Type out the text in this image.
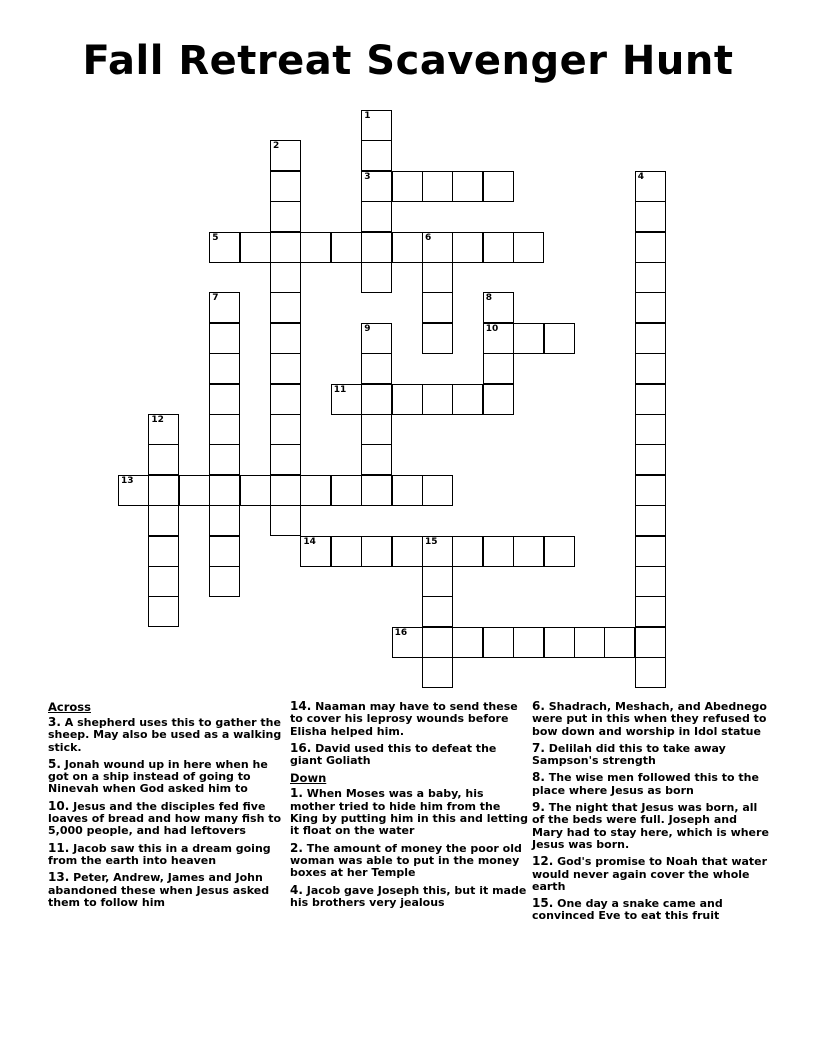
Fall Retreat Scavenger Hunt
1
3
2
4
5	6
7	8
10
9
11
12
13
14	15
16
Across
3. A shepherd uses this to gather the sheep. May also be used as a walking stick.
5. Jonah wound up in here when he got on a ship instead of going to Ninevah when God asked him to
10. Jesus and the disciples fed five loaves of bread and how many fish to 5,000 people, and had leftovers
11. Jacob saw this in a dream going from the earth into heaven
13. Peter, Andrew, James and John abandoned these when Jesus asked them to follow him
14. Naaman may have to send these to cover his leprosy wounds before Elisha helped him.
16. David used this to defeat the giant Goliath
Down
1. When Moses was a baby, his mother tried to hide him from the King by putting him in this and letting it float on the water
2. The amount of money the poor old woman was able to put in the money boxes at her Temple
4. Jacob gave Joseph this, but it made his brothers very jealous
6. Shadrach, Meshach, and Abednego were put in this when they refused to bow down and worship in Idol statue
7. Delilah did this to take away Sampson's strength
8. The wise men followed this to the place where Jesus as born
9. The night that Jesus was born, all of the beds were full. Joseph and Mary had to stay here, which is where Jesus was born.
12. God's promise to Noah that water would never again cover the whole earth
15. One day a snake came and convinced Eve to eat this fruit
